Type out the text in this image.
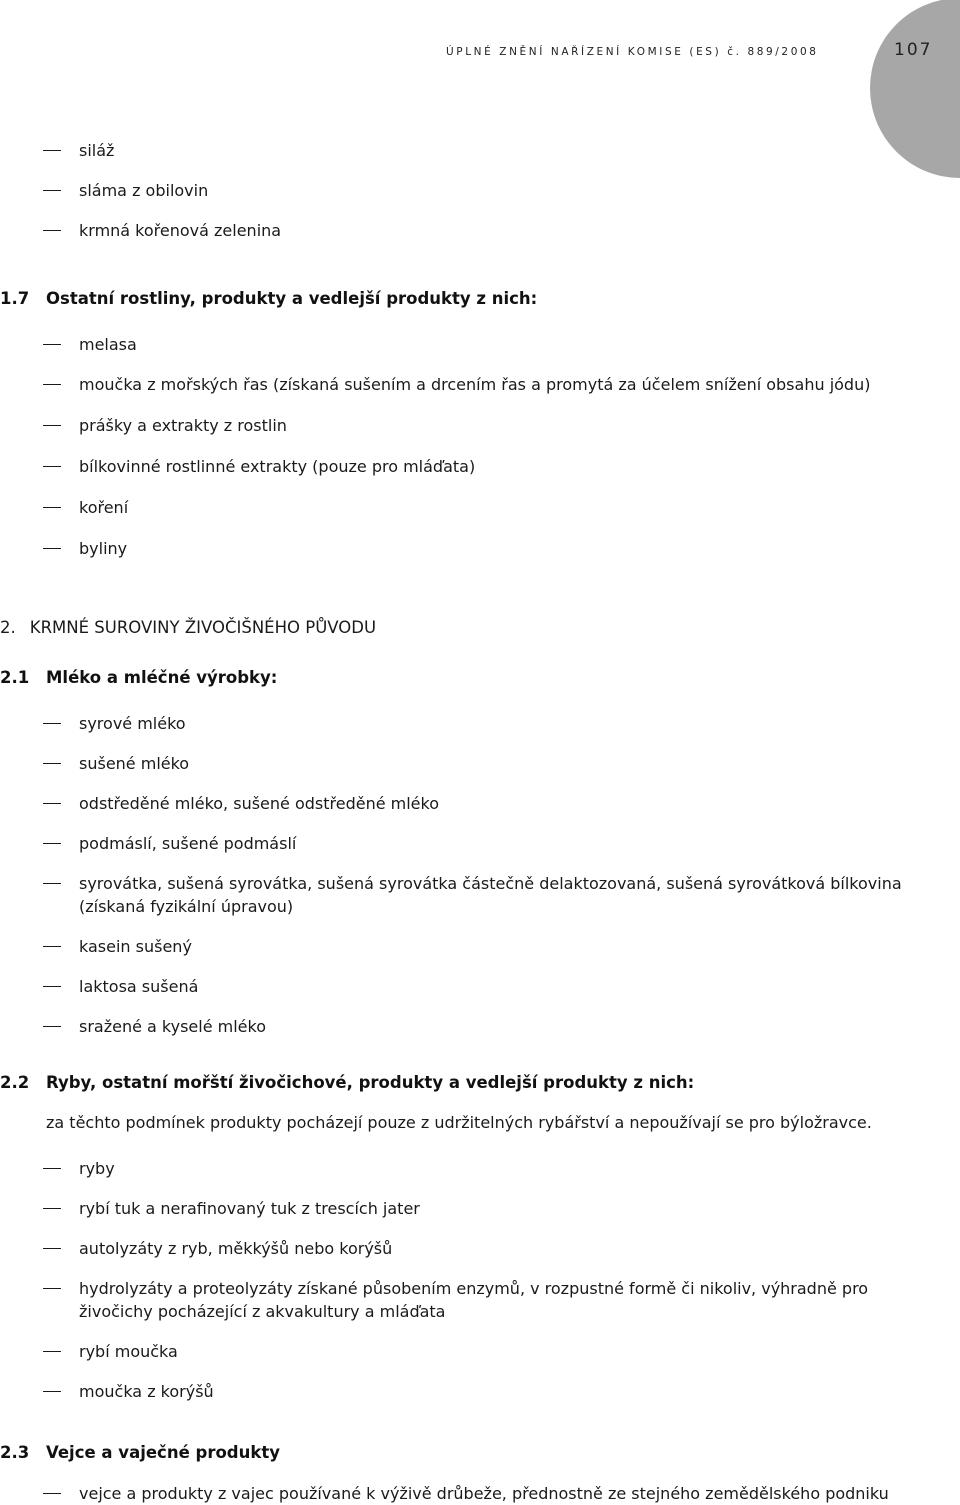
ÚPLNÉ ZNĚNÍ NAŘÍZENÍ KOMISE (ES) č. 889/2008	107
siláž
sláma z obilovin
krmná kořenová zelenina
1.7 Ostatní rostliny, produkty a vedlejší produkty z nich:
melasa
moučka z mořských řas (získaná sušením a drcením řas a promytá za účelem snížení obsahu jódu)
prášky a extrakty z rostlin
bílkovinné rostlinné extrakty (pouze pro mláďata)
koření
byliny
2. KRMNÉ SUROVINY ŽIVOČIŠNÉHO PŮVODU
2.1 Mléko a mléčné výrobky:
syrové mléko
sušené mléko
odstředěné mléko, sušené odstředěné mléko
podmáslí, sušené podmáslí
syrovátka, sušená syrovátka, sušená syrovátka částečně delaktozovaná, sušená syrovátková bílkovina (získaná fyzikální úpravou)
kasein sušený
laktosa sušená
sražené a kyselé mléko
2.2 Ryby, ostatní mořští živočichové, produkty a vedlejší produkty z nich:
za těchto podmínek produkty pocházejí pouze z udržitelných rybářství a nepoužívají se pro býložravce.
ryby
rybí tuk a nerafinovaný tuk z trescích jater
autolyzáty z ryb, měkkýšů nebo korýšů
hydrolyzáty a proteolyzáty získané působením enzymů, v rozpustné formě či nikoliv, výhradně pro živočichy pocházející z akvakultury a mláďata
rybí moučka
moučka z korýšů
2.3 Vejce a vaječné produkty
vejce a produkty z vajec používané k výživě drůbeže, přednostně ze stejného zemědělského podniku
